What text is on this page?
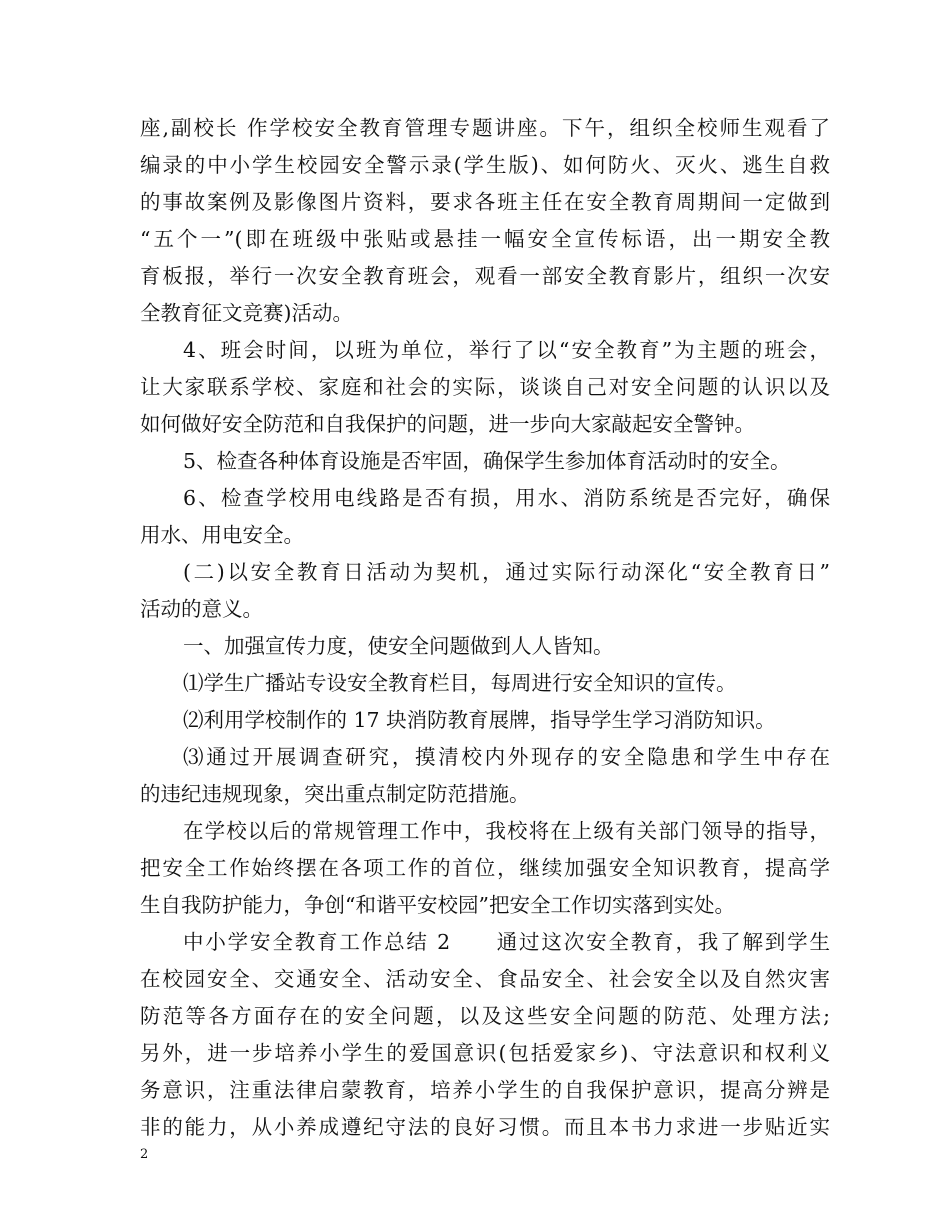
座,副校长 作学校安全教育管理专题讲座。下午，组织全校师生观看了
编录的中小学生校园安全警示录(学生版)、如何防火、灭火、逃生自救
的事故案例及影像图片资料，要求各班主任在安全教育周期间一定做到
“五个一”(即在班级中张贴或悬挂一幅安全宣传标语，出一期安全教
育板报，举行一次安全教育班会，观看一部安全教育影片，组织一次安
全教育征文竞赛)活动。
4、班会时间，以班为单位，举行了以“安全教育”为主题的班会，
让大家联系学校、家庭和社会的实际，谈谈自己对安全问题的认识以及
如何做好安全防范和自我保护的问题，进一步向大家敲起安全警钟。
5、检查各种体育设施是否牢固，确保学生参加体育活动时的安全。
6、检查学校用电线路是否有损，用水、消防系统是否完好，确保
用水、用电安全。
(二)以安全教育日活动为契机，通过实际行动深化“安全教育日”
活动的意义。
一、加强宣传力度，使安全问题做到人人皆知。
⑴学生广播站专设安全教育栏目，每周进行安全知识的宣传。
⑵利用学校制作的 17 块消防教育展牌，指导学生学习消防知识。
⑶通过开展调查研究，摸清校内外现存的安全隐患和学生中存在
的违纪违规现象，突出重点制定防范措施。
在学校以后的常规管理工作中，我校将在上级有关部门领导的指导，
把安全工作始终摆在各项工作的首位，继续加强安全知识教育，提高学
生自我防护能力，争创“和谐平安校园”把安全工作切实落到实处。
中小学安全教育工作总结 2　　通过这次安全教育，我了解到学生
在校园安全、交通安全、活动安全、食品安全、社会安全以及自然灾害
防范等各方面存在的安全问题，以及这些安全问题的防范、处理方法;
另外，进一步培养小学生的爱国意识(包括爱家乡)、守法意识和权利义
务意识，注重法律启蒙教育，培养小学生的自我保护意识，提高分辨是
非的能力，从小养成遵纪守法的良好习惯。而且本书力求进一步贴近实
2
